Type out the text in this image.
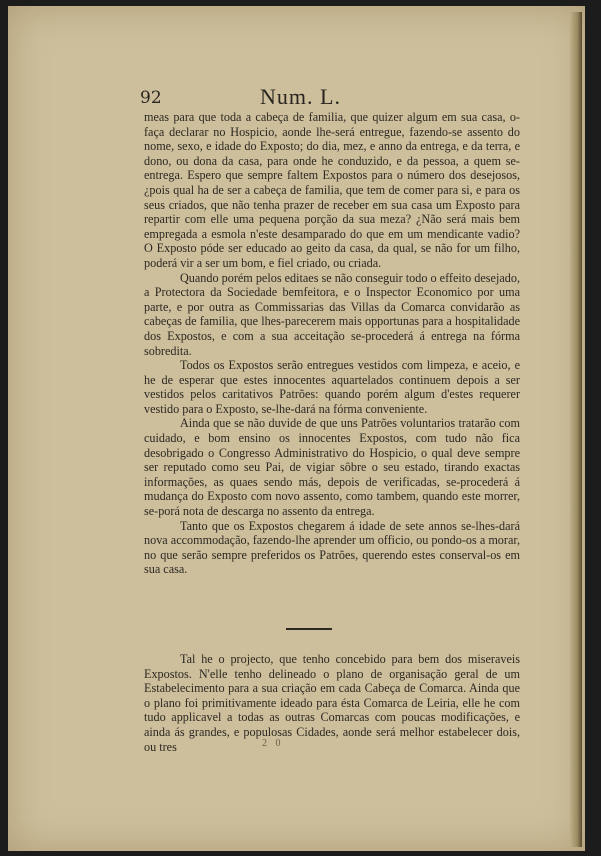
92	Num. L.

meas para que toda a cabeça de familia, que quizer algum em sua casa, o-faça declarar no Hospicio, aonde lhe-será entregue, fazendo-se assento do nome, sexo, e idade do Exposto; do dia, mez, e anno da entrega, e da terra, e dono, ou dona da casa, para onde he conduzido, e da pessoa, a quem se-entrega. Espero que sempre faltem Expostos para o número dos desejosos, ¿pois qual ha de ser a cabeça de familia, que tem de comer para si, e para os seus criados, que não tenha prazer de receber em sua casa um Exposto para repartir com elle uma pequena porção da sua meza? ¿Não será mais bem empregada a esmola n'este desamparado do que em um mendicante vadio? O Exposto póde ser educado ao geito da casa, da qual, se não for um filho, poderá vir a ser um bom, e fiel criado, ou criada.

Quando porém pelos editaes se não conseguir todo o effeito desejado, a Protectora da Sociedade bemfeitora, e o Inspector Economico por uma parte, e por outra as Commissarias das Villas da Comarca convidarão as cabeças de familia, que lhes-parecerem mais opportunas para a hospitalidade dos Expostos, e com a sua acceitação se-procederá á entrega na fórma sobredita.

Todos os Expostos serão entregues vestidos com limpeza, e aceio, e he de esperar que estes innocentes aquartelados continuem depois a ser vestidos pelos caritativos Patrões: quando porém algum d'estes requerer vestido para o Exposto, se-lhe-dará na fórma conveniente.

Ainda que se não duvide de que uns Patrões voluntarios tratarão com cuidado, e bom ensino os innocentes Expostos, com tudo não fica desobrigado o Congresso Administrativo do Hospicio, o qual deve sempre ser reputado como seu Pai, de vigiar sôbre o seu estado, tirando exactas informações, as quaes sendo más, depois de verificadas, se-procederá á mudança do Exposto com novo assento, como tambem, quando este morrer, se-porá nota de descarga no assento da entrega.

Tanto que os Expostos chegarem á idade de sete annos se-lhes-dará nova accommodação, fazendo-lhe aprender um officio, ou pondo-os a morar, no que serão sempre preferidos os Patrões, querendo estes conserval-os em sua casa.

Tal he o projecto, que tenho concebido para bem dos miseraveis Expostos. N'elle tenho delineado o plano de organisação geral de um Estabelecimento para a sua criação em cada Cabeça de Comarca. Ainda que o plano foi primitivamente ideado para ésta Comarca de Leiria, elle he com tudo applicavel a todas as outras Comarcas com poucas modificações, e ainda ás grandes, e populosas Cidades, aonde será melhor estabelecer dois, ou tres	2 0
